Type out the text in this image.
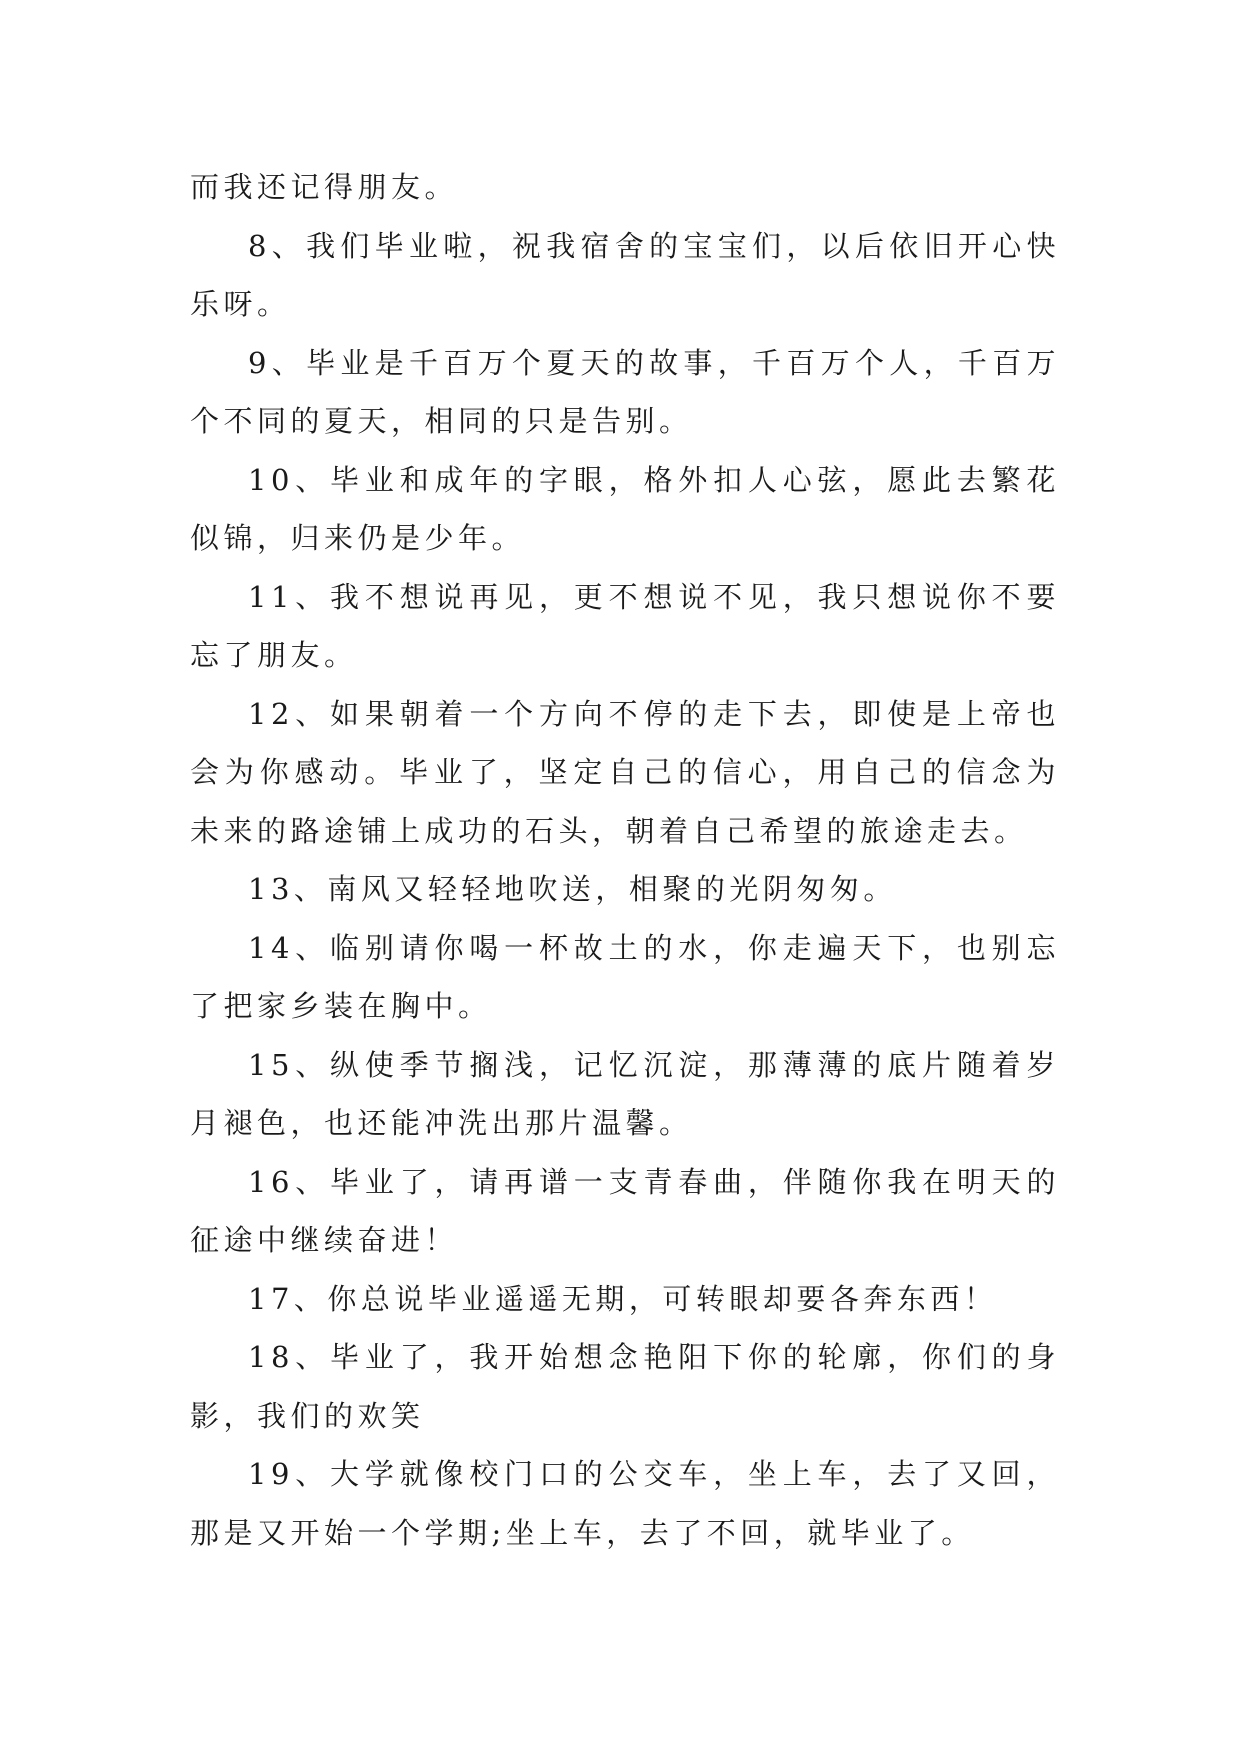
而我还记得朋友。

8、我们毕业啦，祝我宿舍的宝宝们，以后依旧开心快乐呀。

9、毕业是千百万个夏天的故事，千百万个人，千百万个不同的夏天，相同的只是告别。

10、毕业和成年的字眼，格外扣人心弦，愿此去繁花似锦，归来仍是少年。

11、我不想说再见，更不想说不见，我只想说你不要忘了朋友。

12、如果朝着一个方向不停的走下去，即使是上帝也会为你感动。毕业了，坚定自己的信心，用自己的信念为未来的路途铺上成功的石头，朝着自己希望的旅途走去。

13、南风又轻轻地吹送，相聚的光阴匆匆。

14、临别请你喝一杯故土的水，你走遍天下，也别忘了把家乡装在胸中。

15、纵使季节搁浅，记忆沉淀，那薄薄的底片随着岁月褪色，也还能冲洗出那片温馨。

16、毕业了，请再谱一支青春曲，伴随你我在明天的征途中继续奋进！

17、你总说毕业遥遥无期，可转眼却要各奔东西！

18、毕业了，我开始想念艳阳下你的轮廓，你们的身影，我们的欢笑

19、大学就像校门口的公交车，坐上车，去了又回，那是又开始一个学期;坐上车，去了不回，就毕业了。
